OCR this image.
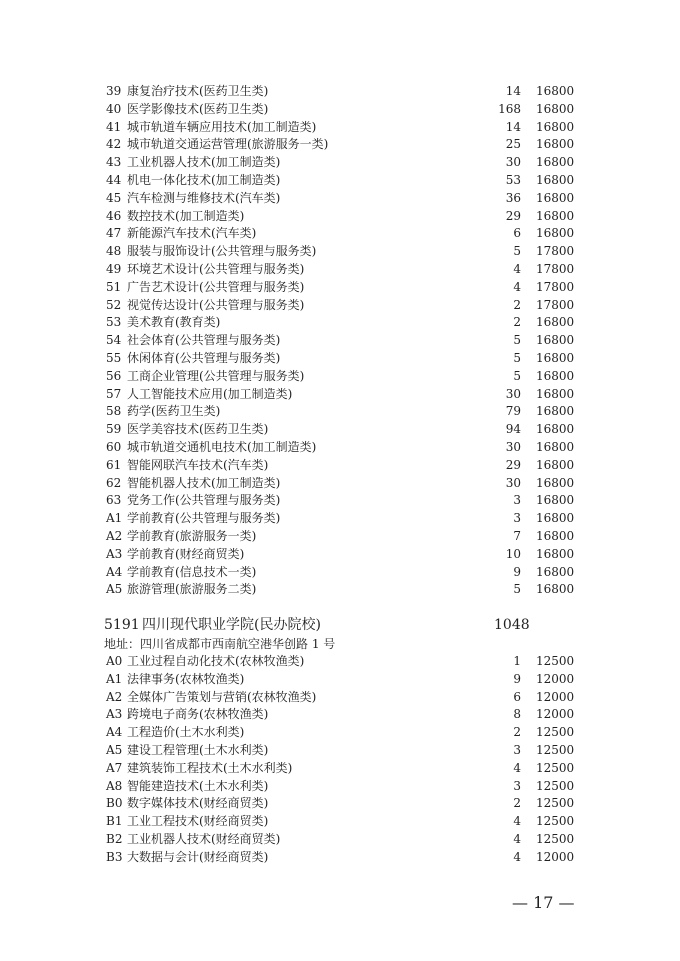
39 康复治疗技术(医药卫生类)	14 16800
40 医学影像技术(医药卫生类)	168 16800
41 城市轨道车辆应用技术(加工制造类)	14 16800
42 城市轨道交通运营管理(旅游服务一类)	25 16800
43 工业机器人技术(加工制造类)	30 16800
44 机电一体化技术(加工制造类)	53 16800
45 汽车检测与维修技术(汽车类)	36 16800
46 数控技术(加工制造类)	29 16800
47 新能源汽车技术(汽车类)	6 16800
48 服装与服饰设计(公共管理与服务类)	5 17800
49 环境艺术设计(公共管理与服务类)	4 17800
51 广告艺术设计(公共管理与服务类)	4 17800
52 视觉传达设计(公共管理与服务类)	2 17800
53 美术教育(教育类)	2 16800
54 社会体育(公共管理与服务类)	5 16800
55 休闲体育(公共管理与服务类)	5 16800
56 工商企业管理(公共管理与服务类)	5 16800
57 人工智能技术应用(加工制造类)	30 16800
58 药学(医药卫生类)	79 16800
59 医学美容技术(医药卫生类)	94 16800
60 城市轨道交通机电技术(加工制造类)	30 16800
61 智能网联汽车技术(汽车类)	29 16800
62 智能机器人技术(加工制造类)	30 16800
63 党务工作(公共管理与服务类)	3 16800
A1 学前教育(公共管理与服务类)	3 16800
A2 学前教育(旅游服务一类)	7 16800
A3 学前教育(财经商贸类)	10 16800
A4 学前教育(信息技术一类)	9 16800
A5 旅游管理(旅游服务二类)	5 16800
5191 四川现代职业学院(民办院校)	1048
地址：四川省成都市西南航空港华创路 1 号
A0 工业过程自动化技术(农林牧渔类)	1 12500
A1 法律事务(农林牧渔类)	9 12000
A2 全媒体广告策划与营销(农林牧渔类)	6 12000
A3 跨境电子商务(农林牧渔类)	8 12000
A4 工程造价(土木水利类)	2 12500
A5 建设工程管理(土木水利类)	3 12500
A7 建筑装饰工程技术(土木水利类)	4 12500
A8 智能建造技术(土木水利类)	3 12500
B0 数字媒体技术(财经商贸类)	2 12500
B1 工业工程技术(财经商贸类)	4 12500
B2 工业机器人技术(财经商贸类)	4 12500
B3 大数据与会计(财经商贸类)	4 12000
— 17 —
